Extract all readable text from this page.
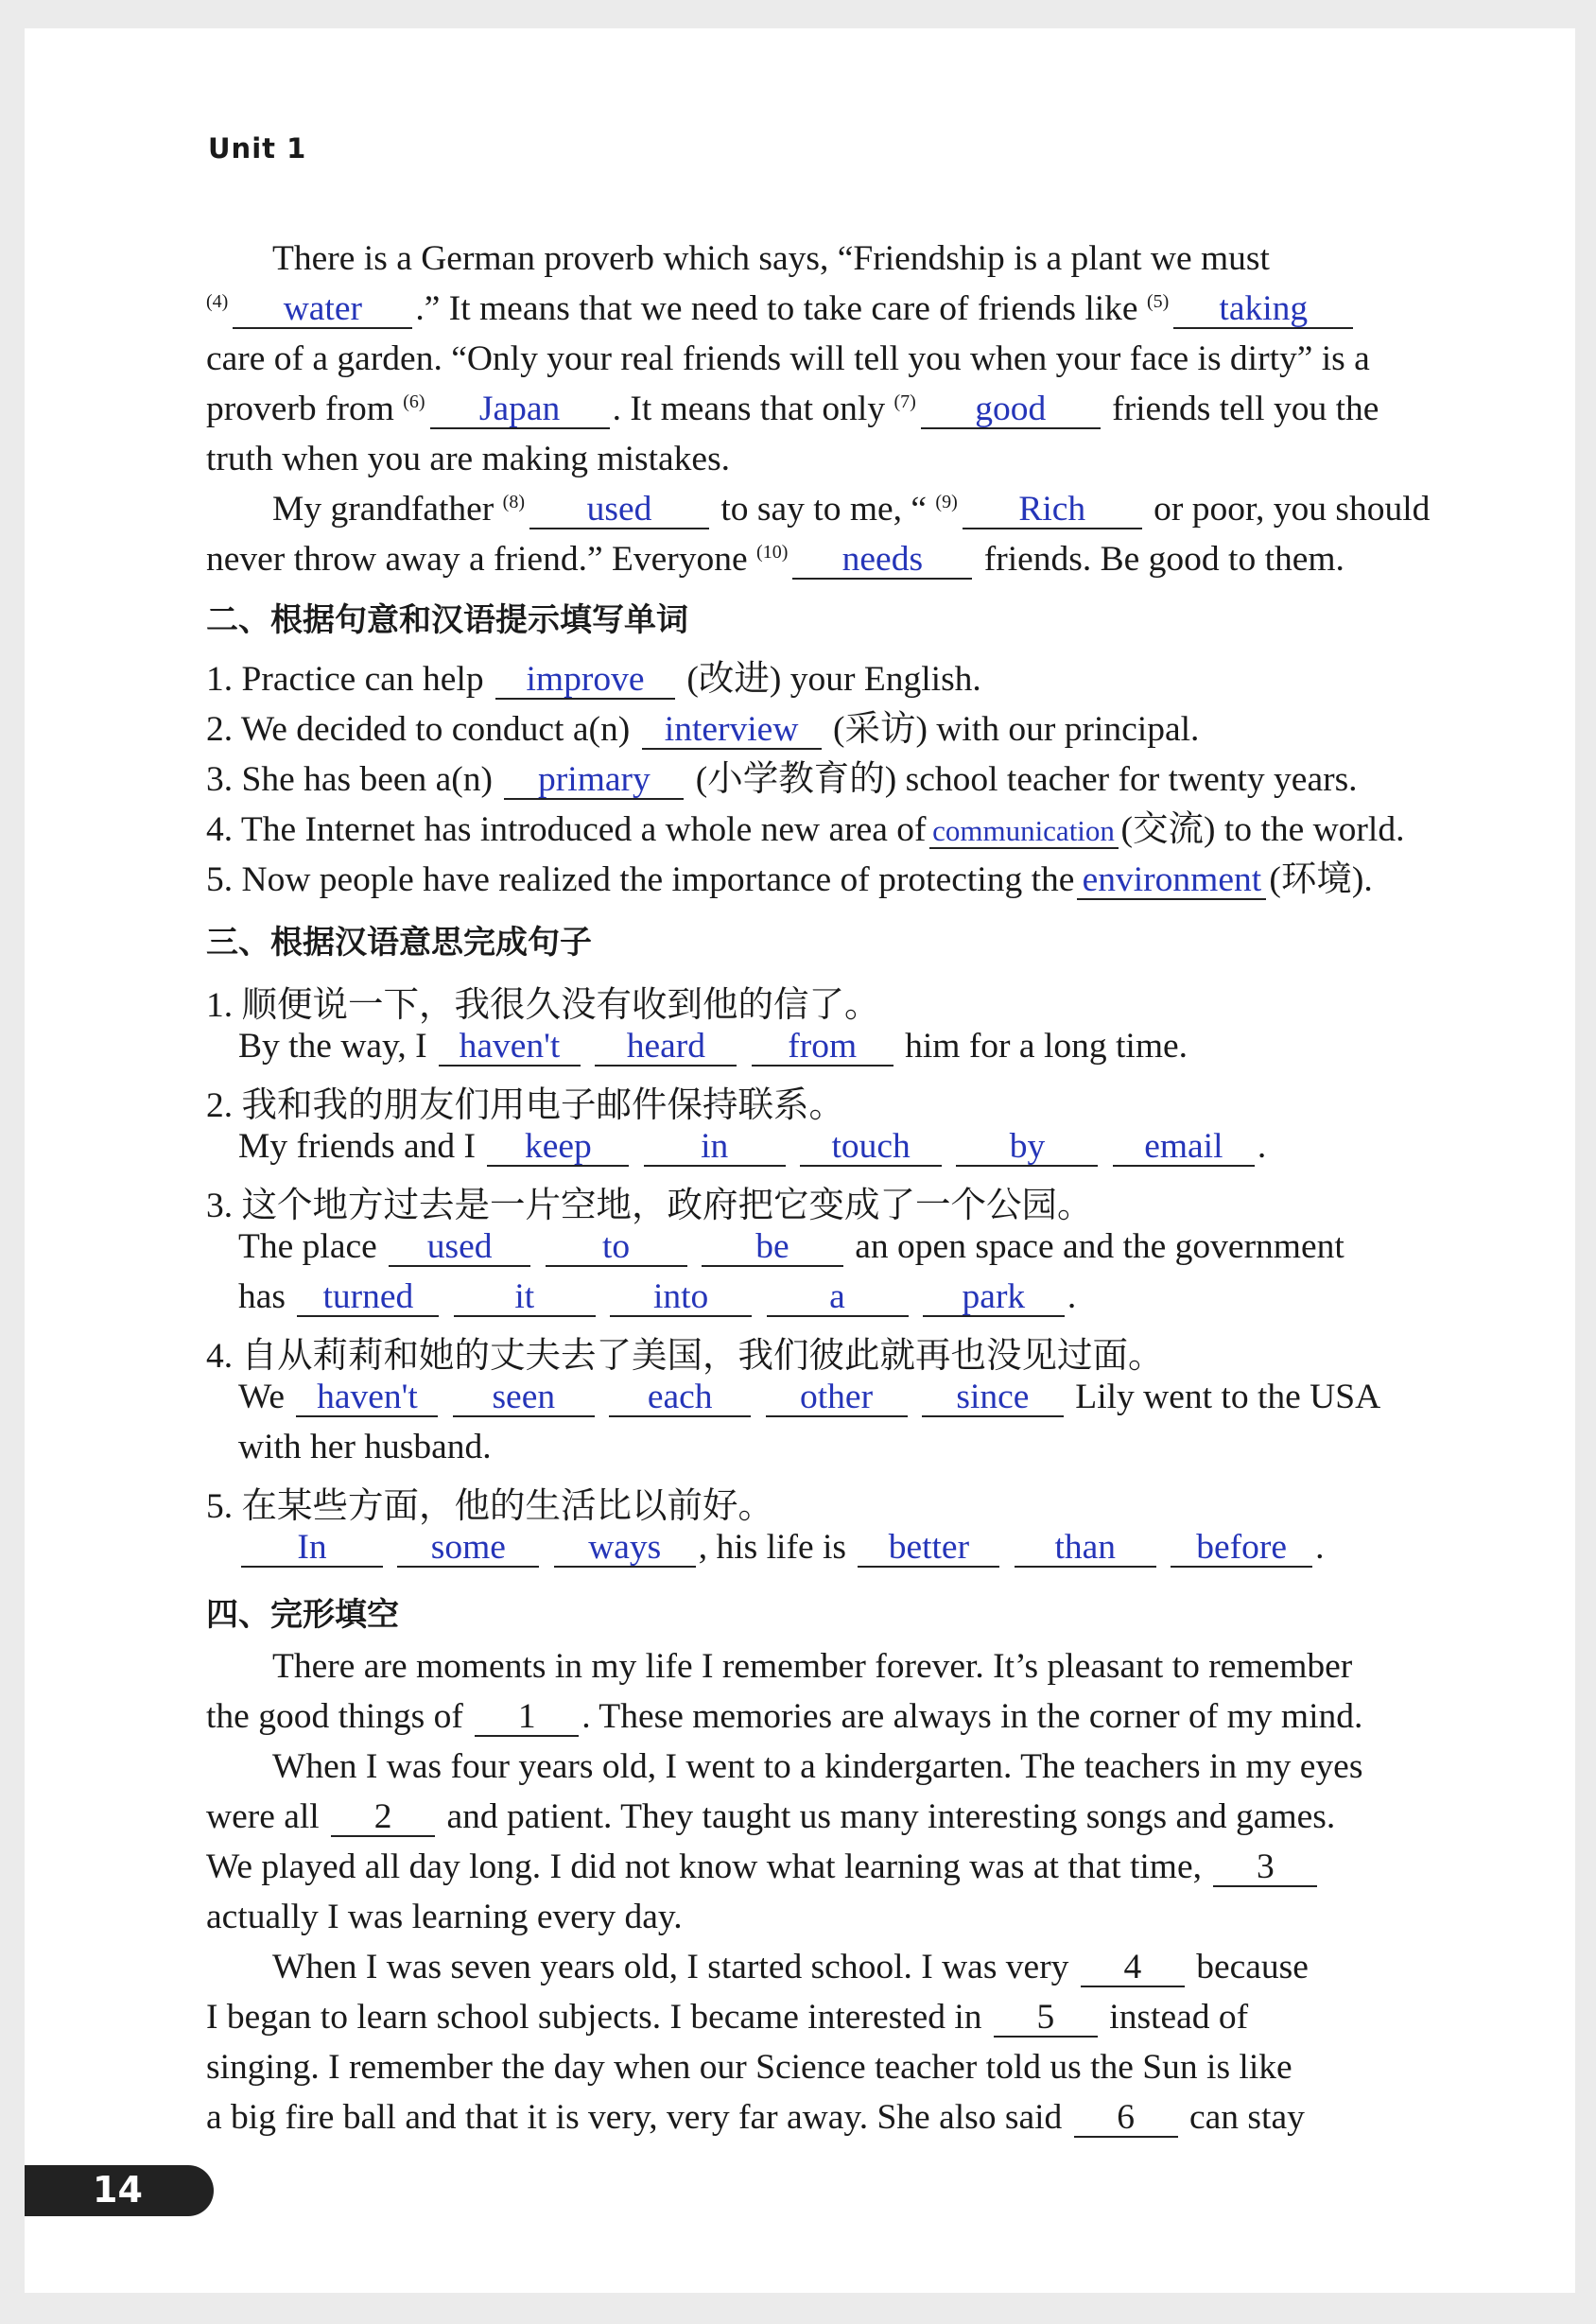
Unit 1
There is a German proverb which says, “Friendship is a plant we must
$^{(4)}$ water .” It means that we need to take care of friends like $^{(5)}$ taking
care of a garden. “Only your real friends will tell you when your face is dirty” is a
proverb from $^{(6)}$ Japan . It means that only $^{(7)}$ good friends tell you the
truth when you are making mistakes.
My grandfather $^{(8)}$ used to say to me, “ $^{(9)}$ Rich or poor, you should
never throw away a friend.” Everyone $^{(10)}$ needs friends. Be good to them.
二、根据句意和汉语提示填写单词
1. Practice can help improve (改进) your English.
2. We decided to conduct a(n) interview (采访) with our principal.
3. She has been a(n) primary (小学教育的) school teacher for twenty years.
4. The Internet has introduced a whole new area of communication (交流) to the world.
5. Now people have realized the importance of protecting the environment (环境).
三、根据汉语意思完成句子
1. 顺便说一下，我很久没有收到他的信了。
By the way, I haven't heard from him for a long time.
2. 我和我的朋友们用电子邮件保持联系。
My friends and I keep	in	touch	by	email .
3. 这个地方过去是一片空地，政府把它变成了一个公园。
The place used	to	be an open space and the government
has turned	it	into	a	park .
4. 自从莉莉和她的丈夫去了美国，我们彼此就再也没见过面。
We haven't seen	each other since Lily went to the USA
with her husband.
5. 在某些方面，他的生活比以前好。
In	some ways , his life is better than before .
四、完形填空
There are moments in my life I remember forever. It’s pleasant to remember
the good things of 1 . These memories are always in the corner of my mind.
When I was four years old, I went to a kindergarten. The teachers in my eyes
were all 2 and patient. They taught us many interesting songs and games.
We played all day long. I did not know what learning was at that time, 3
actually I was learning every day.
When I was seven years old, I started school. I was very 4 because
I began to learn school subjects. I became interested in 5 instead of
singing. I remember the day when our Science teacher told us the Sun is like
a big fire ball and that it is very, very far away. She also said 6 can stay
14
